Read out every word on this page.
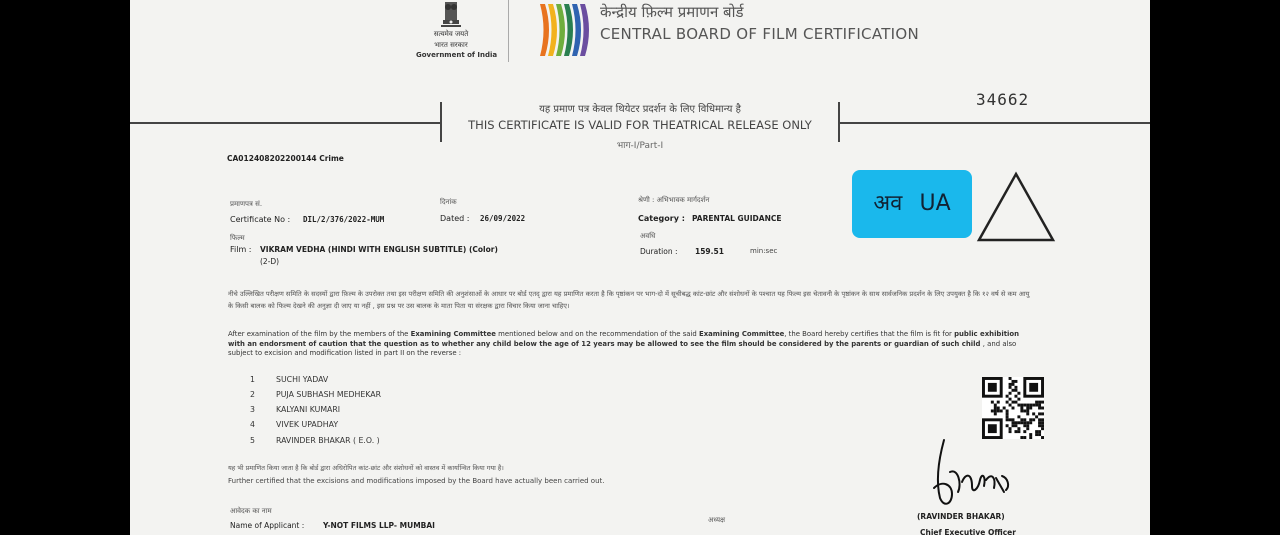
सत्यमेव जयते
भारत सरकार
Government of India
केन्द्रीय फ़िल्म प्रमाणन बोर्ड
CENTRAL BOARD OF FILM CERTIFICATION
34662
यह प्रमाण पत्र केवल थियेटर प्रदर्शन के लिए विधिमान्य है
THIS CERTIFICATE IS VALID FOR THEATRICAL RELEASE ONLY
भाग-I/Part-I
CA012408202200144 Crime
प्रमाणपत्र सं.
Certificate No : DIL/2/376/2022-MUM
दिनांक
Dated : 26/09/2022
श्रेणी : अभिभावक मार्गदर्शन
Category : PARENTAL GUIDANCE
अव UA
फिल्म
Film : VIKRAM VEDHA (HINDI WITH ENGLISH SUBTITLE) (Color)
(2-D)
अवधि
Duration : 159.51	min:sec
नीचे उल्लिखित परीक्षण समिति के सदस्यों द्वारा फ़िल्म के उपरोक्त तथा इस परीक्षण समिति की अनुशंसाओं के आधार पर बोर्ड एतद् द्वारा यह प्रमाणित करता है कि पृष्ठांकन पर भाग-दो में सूचीबद्ध कांट-छांट और संशोधनों के पश्चात यह फिल्म इस चेतावनी के पृष्ठांकन के साथ सार्वजनिक प्रदर्शन के लिए उपयुक्त है कि १२ वर्ष से कम आयु के किसी बालक को फिल्म देखने की अनुज्ञा दी जाए या नहीं , इस प्रश्न पर उस बालक के माता पिता या संरक्षक द्वारा विचार किया जाना चाहिए।
After examination of the film by the members of the Examining Committee mentioned below and on the recommendation of the said Examining Committee, the Board hereby certifies that the film is fit for public exhibition with an endorsment of caution that the question as to whether any child below the age of 12 years may be allowed to see the film should be considered by the parents or guardian of such child , and also subject to excision and modification listed in part II on the reverse :
1	SUCHI YADAV
2	PUJA SUBHASH MEDHEKAR
3	KALYANI KUMARI
4	VIVEK UPADHAY
5	RAVINDER BHAKAR ( E.O. )
यह भी प्रमाणित किया जाता है कि बोर्ड द्वारा अधिरोपित कांट-छांट और संशोधनों को वास्तव में कार्यान्वित किया गया है।
Further certified that the excisions and modifications imposed by the Board have actually been carried out.
आवेदक का नाम
Name of Applicant : Y-NOT FILMS LLP- MUMBAI
अध्यक्ष	(RAVINDER BHAKAR)
Chief Executive Officer
